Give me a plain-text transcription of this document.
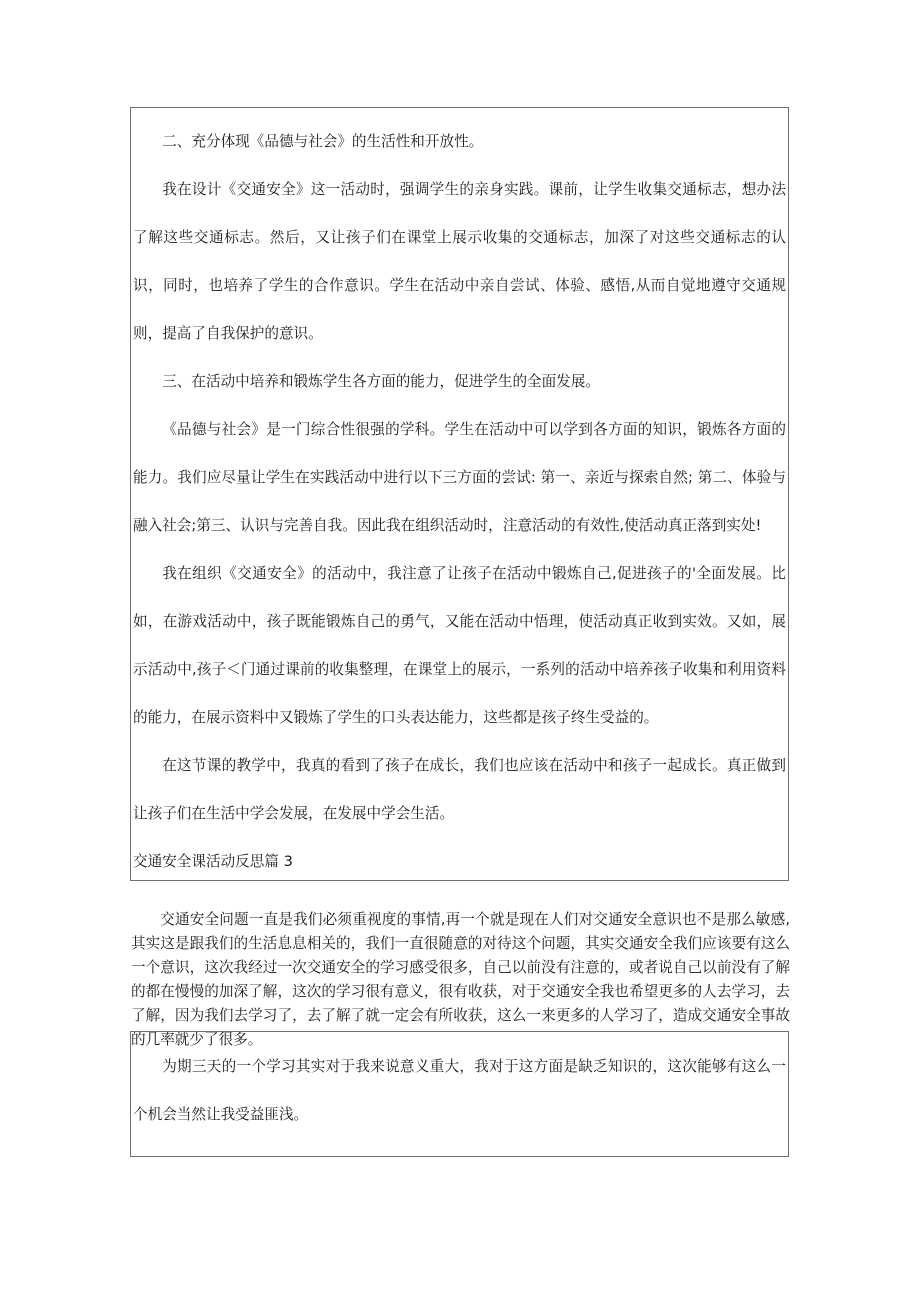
二、充分体现《品德与社会》的生活性和开放性。

我在设计《交通安全》这一活动时，强调学生的亲身实践。课前，让学生收集交通标志，想办法了解这些交通标志。然后，又让孩子们在课堂上展示收集的交通标志，加深了对这些交通标志的认识，同时，也培养了学生的合作意识。学生在活动中亲自尝试、体验、感悟,从而自觉地遵守交通规则，提高了自我保护的意识。

三、在活动中培养和锻炼学生各方面的能力，促进学生的全面发展。

《品德与社会》是一门综合性很强的学科。学生在活动中可以学到各方面的知识，锻炼各方面的能力。我们应尽量让学生在实践活动中进行以下三方面的尝试: 第一、亲近与探索自然; 第二、体验与融入社会;第三、认识与完善自我。因此我在组织活动时，注意活动的有效性,使活动真正落到实处!

我在组织《交通安全》的活动中，我注意了让孩子在活动中锻炼自己,促进孩子的'全面发展。比如，在游戏活动中，孩子既能锻炼自己的勇气，又能在活动中悟理，使活动真正收到实效。又如，展示活动中,孩子＜门通过课前的收集整理，在课堂上的展示，一系列的活动中培养孩子收集和利用资料的能力，在展示资料中又锻炼了学生的口头表达能力，这些都是孩子终生受益的。

在这节课的教学中，我真的看到了孩子在成长，我们也应该在活动中和孩子一起成长。真正做到让孩子们在生活中学会发展，在发展中学会生活。

交通安全课活动反思篇 3

交通安全问题一直是我们必须重视度的事情,再一个就是现在人们对交通安全意识也不是那么敏感,其实这是跟我们的生活息息相关的，我们一直很随意的对待这个问题，其实交通安全我们应该要有这么一个意识，这次我经过一次交通安全的学习感受很多，自己以前没有注意的，或者说自己以前没有了解的都在慢慢的加深了解，这次的学习很有意义，很有收获，对于交通安全我也希望更多的人去学习，去了解，因为我们去学习了，去了解了就一定会有所收获，这么一来更多的人学习了，造成交通安全事故的几率就少了很多。

为期三天的一个学习其实对于我来说意义重大，我对于这方面是缺乏知识的，这次能够有这么一个机会当然让我受益匪浅。
